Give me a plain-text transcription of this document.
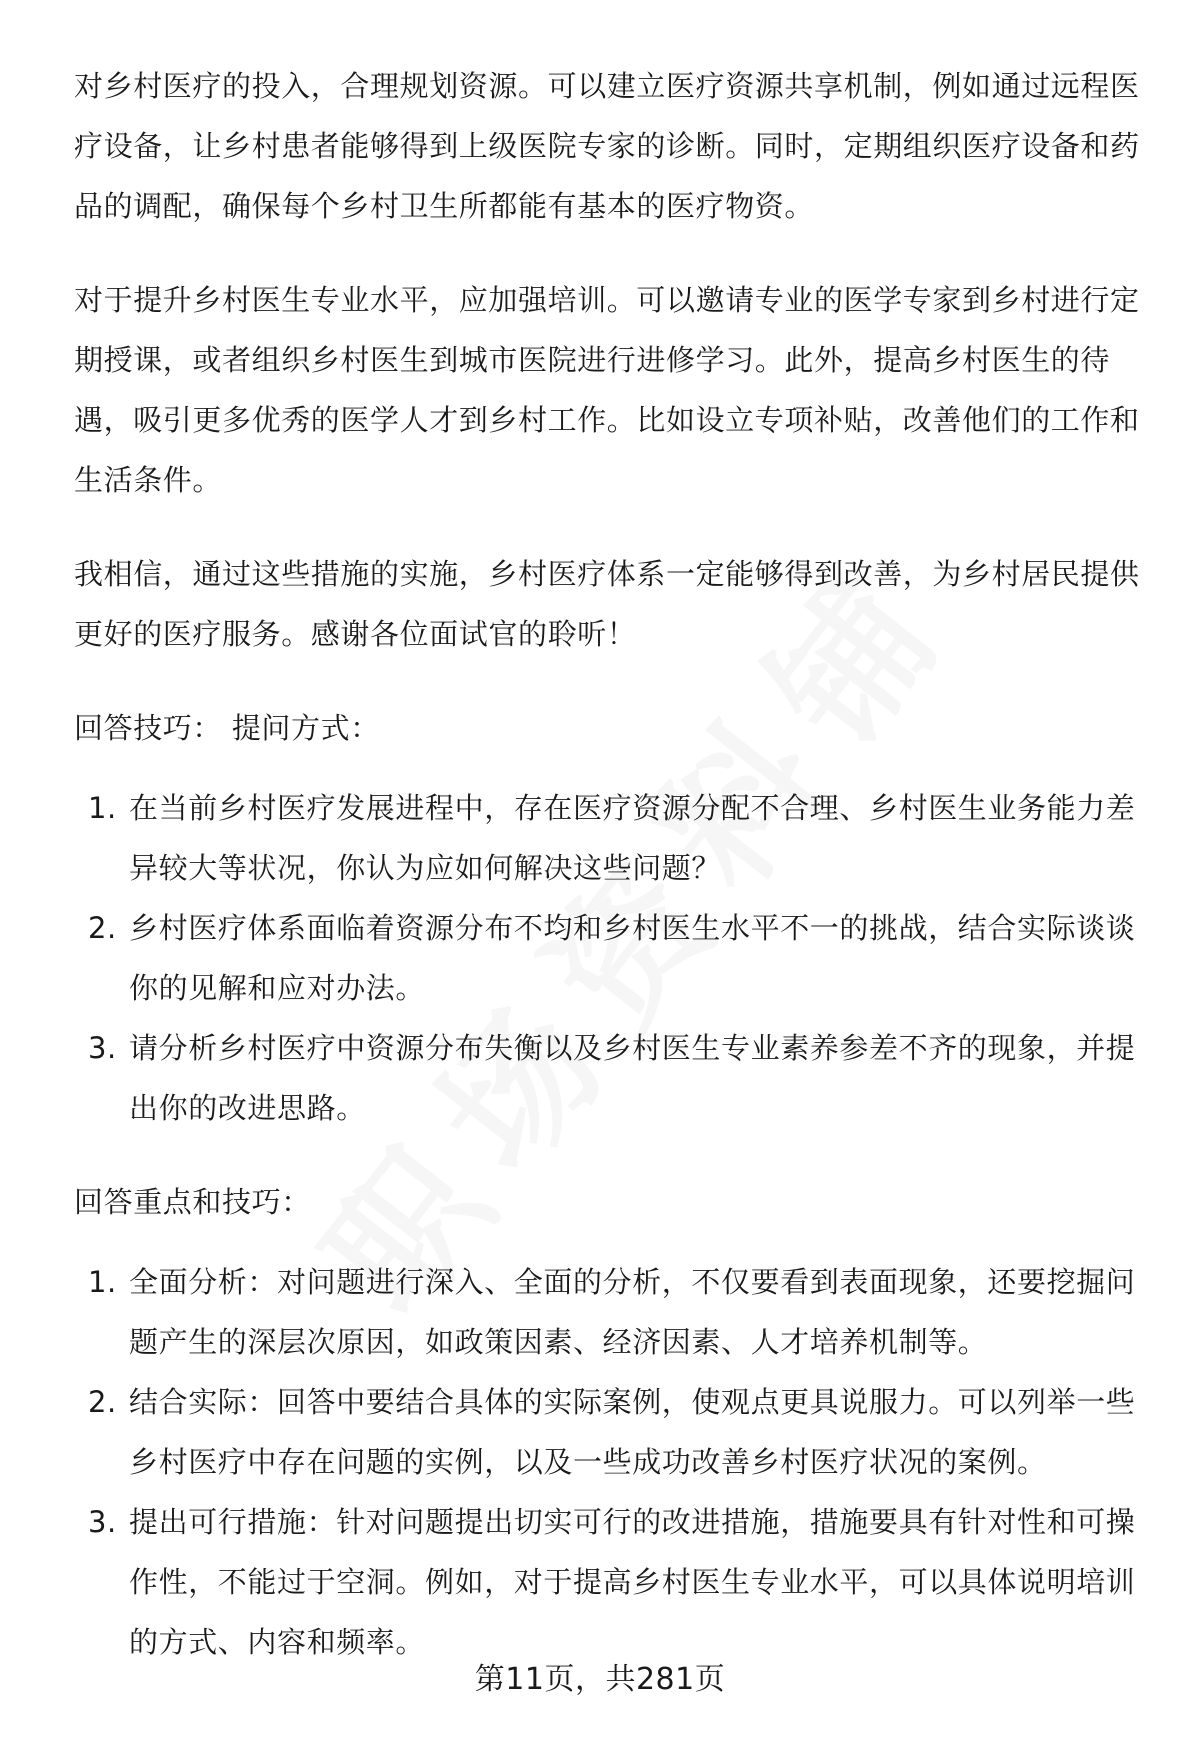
对乡村医疗的投入，合理规划资源。可以建立医疗资源共享机制，例如通过远程医疗设备，让乡村患者能够得到上级医院专家的诊断。同时，定期组织医疗设备和药品的调配，确保每个乡村卫生所都能有基本的医疗物资。

对于提升乡村医生专业水平，应加强培训。可以邀请专业的医学专家到乡村进行定期授课，或者组织乡村医生到城市医院进行进修学习。此外，提高乡村医生的待遇，吸引更多优秀的医学人才到乡村工作。比如设立专项补贴，改善他们的工作和生活条件。

我相信，通过这些措施的实施，乡村医疗体系一定能够得到改善，为乡村居民提供更好的医疗服务。感谢各位面试官的聆听！

回答技巧： 提问方式：

1. 在当前乡村医疗发展进程中，存在医疗资源分配不合理、乡村医生业务能力差异较大等状况，你认为应如何解决这些问题？
2. 乡村医疗体系面临着资源分布不均和乡村医生水平不一的挑战，结合实际谈谈你的见解和应对办法。
3. 请分析乡村医疗中资源分布失衡以及乡村医生专业素养参差不齐的现象，并提出你的改进思路。

回答重点和技巧：

1. 全面分析：对问题进行深入、全面的分析，不仅要看到表面现象，还要挖掘问题产生的深层次原因，如政策因素、经济因素、人才培养机制等。
2. 结合实际：回答中要结合具体的实际案例，使观点更具说服力。可以列举一些乡村医疗中存在问题的实例，以及一些成功改善乡村医疗状况的案例。
3. 提出可行措施：针对问题提出切实可行的改进措施，措施要具有针对性和可操作性，不能过于空洞。例如，对于提高乡村医生专业水平，可以具体说明培训的方式、内容和频率。
第11页，共281页
